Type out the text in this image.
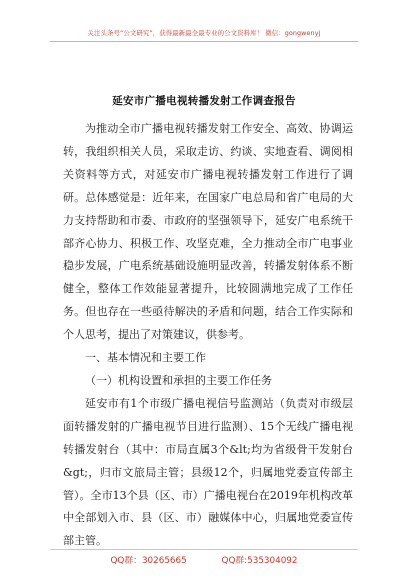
关注头条号“公文研究”，获得最新最全最专业的公文资料库！ 微信：gongwenyj
延安市广播电视转播发射工作调查报告

为推动全市广播电视转播发射工作安全、高效、协调运转，我组织相关人员，采取走访、约谈、实地查看、调阅相关资料等方式，对延安市广播电视转播发射工作进行了调研。总体感觉是：近年来，在国家广电总局和省广电局的大力支持帮助和市委、市政府的坚强领导下，延安广电系统干部齐心协力、积极工作、攻坚克难，全力推动全市广电事业稳步发展，广电系统基础设施明显改善，转播发射体系不断健全，整体工作效能显著提升，比较圆满地完成了工作任务。但也存在一些亟待解决的矛盾和问题，结合工作实际和个人思考，提出了对策建议，供参考。

一、基本情况和主要工作

（一）机构设置和承担的主要工作任务

延安市有1个市级广播电视信号监测站（负责对市级层面转播发射的广播电视节目进行监测）、15个无线广播电视转播发射台（其中：市局直属3个&lt;均为省级骨干发射台&gt;，归市文旅局主管；县级12个，归属地党委宣传部主管）。全市13个县（区、市）广播电视台在2019年机构改革中全部划入市、县（区、市）融媒体中心，归属地党委宣传部主管。

QQ群：30265665	QQ群:535304092
